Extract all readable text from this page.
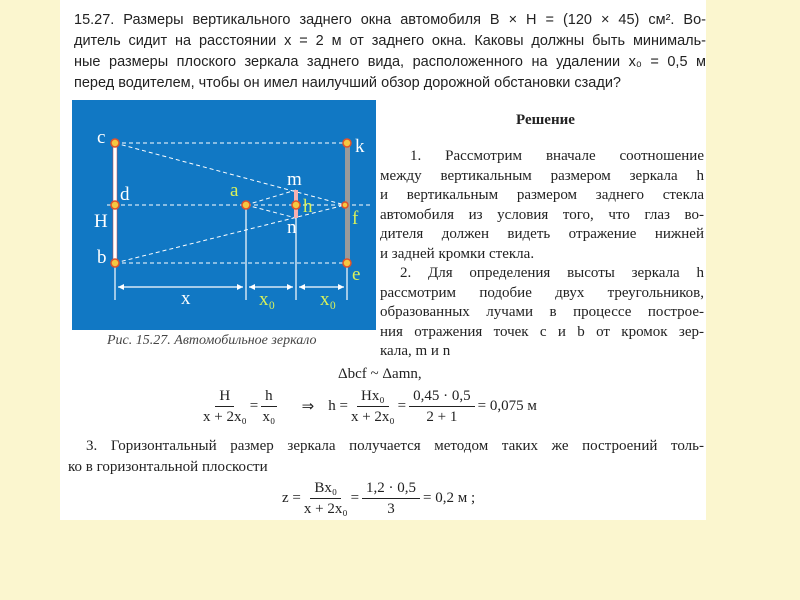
15.27. Размеры вертикального заднего окна автомобиля B × H = (120 × 45) см². Во-
дитель сидит на расстоянии x = 2 м от заднего окна. Каковы должны быть минималь-
ные размеры плоского зеркала заднего вида, расположенного на удалении x₀ = 0,5 м
перед водителем, чтобы он имел наилучший обзор дорожной обстановки сзади?
c	k
d
H
b
m
n
x
a
h
f
e
x₀ x₀
Рис. 15.27. Автомобильное зеркало
Решение
1. Рассмотрим вначале соотношение
между вертикальным размером зеркала h
и вертикальным размером заднего стекла
автомобиля из условия того, что глаз во-
дителя должен видеть отражение нижней
и задней кромки стекла.
2. Для определения высоты зеркала h
рассмотрим подобие двух треугольников,
образованных лучами в процессе построе-
ния отражения точек c и b от кромок зер-
кала, m и n
Δbcf ~ Δamn,
$\frac{H}{\text{x + 2x₀}} = \frac{h}{\text{x₀}}$ ⇒ $h = \frac{\text{Hx₀}}{\text{x + 2x₀}} = \frac{0,45 \cdot 0,5}{2 + 1} = 0,075$ м
3. Горизонтальный размер зеркала получается методом таких же построений толь-
ко в горизонтальной плоскости
$z = \frac{\text{Bx₀}}{\text{x + 2x₀}} = \frac{1,2 \cdot 0,5}{3} = 0,2$ м ;
